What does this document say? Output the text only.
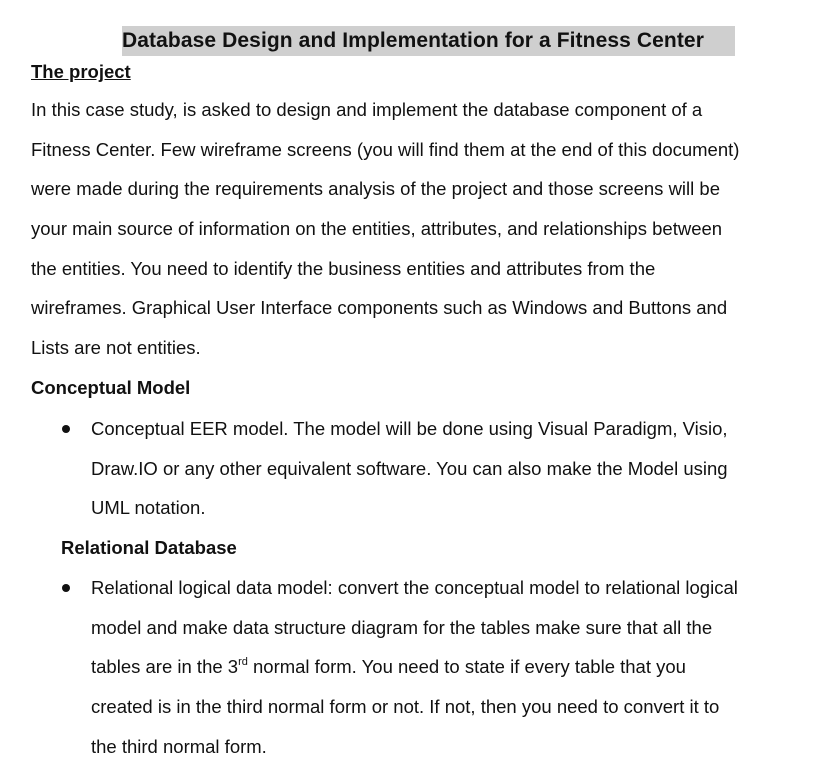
Database Design and Implementation for a Fitness Center
The project
In this case study, is asked to design and implement the database component of a
Fitness Center. Few wireframe screens (you will find them at the end of this document)
were made during the requirements analysis of the project and those screens will be
your main source of information on the entities, attributes, and relationships between
the entities. You need to identify the business entities and attributes from the
wireframes. Graphical User Interface components such as Windows and Buttons and
Lists are not entities.
Conceptual Model
Conceptual EER model. The model will be done using Visual Paradigm, Visio,
Draw.IO or any other equivalent software. You can also make the Model using
UML notation.
Relational Database
Relational logical data model: convert the conceptual model to relational logical
model and make data structure diagram for the tables make sure that all the
tables are in the 3rd normal form. You need to state if every table that you
created is in the third normal form or not. If not, then you need to convert it to
the third normal form.
